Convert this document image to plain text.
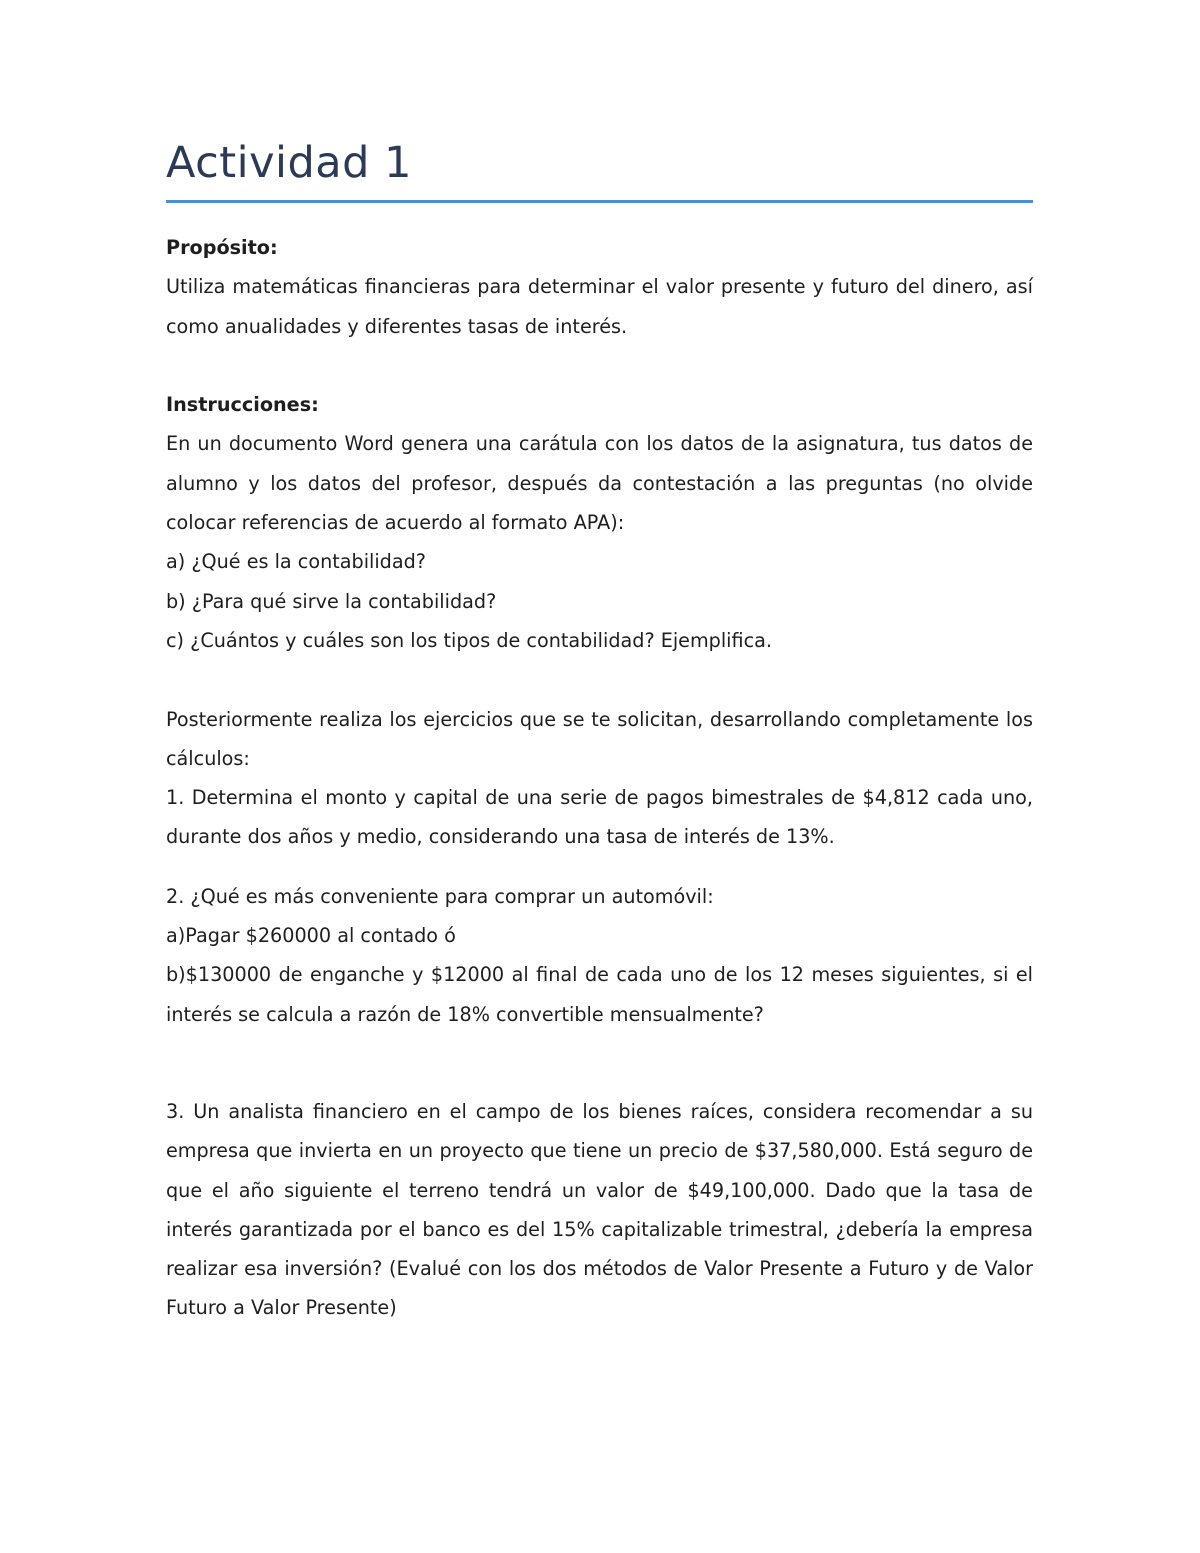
Actividad 1

Propósito:

Utiliza matemáticas financieras para determinar el valor presente y futuro del dinero, así como anualidades y diferentes tasas de interés.

Instrucciones:

En un documento Word genera una carátula con los datos de la asignatura, tus datos de alumno y los datos del profesor, después da contestación a las preguntas (no olvide colocar referencias de acuerdo al formato APA):

a) ¿Qué es la contabilidad?

b) ¿Para qué sirve la contabilidad?

c) ¿Cuántos y cuáles son los tipos de contabilidad? Ejemplifica.

Posteriormente realiza los ejercicios que se te solicitan, desarrollando completamente los cálculos:

1. Determina el monto y capital de una serie de pagos bimestrales de $4,812 cada uno, durante dos años y medio, considerando una tasa de interés de 13%.

2. ¿Qué es más conveniente para comprar un automóvil:

a)Pagar $260000 al contado ó

b)$130000 de enganche y $12000 al final de cada uno de los 12 meses siguientes, si el interés se calcula a razón de 18% convertible mensualmente?

3. Un analista financiero en el campo de los bienes raíces, considera recomendar a su empresa que invierta en un proyecto que tiene un precio de $37,580,000. Está seguro de que el año siguiente el terreno tendrá un valor de $49,100,000. Dado que la tasa de interés garantizada por el banco es del 15% capitalizable trimestral, ¿debería la empresa realizar esa inversión? (Evalué con los dos métodos de Valor Presente a Futuro y de Valor Futuro a Valor Presente)
